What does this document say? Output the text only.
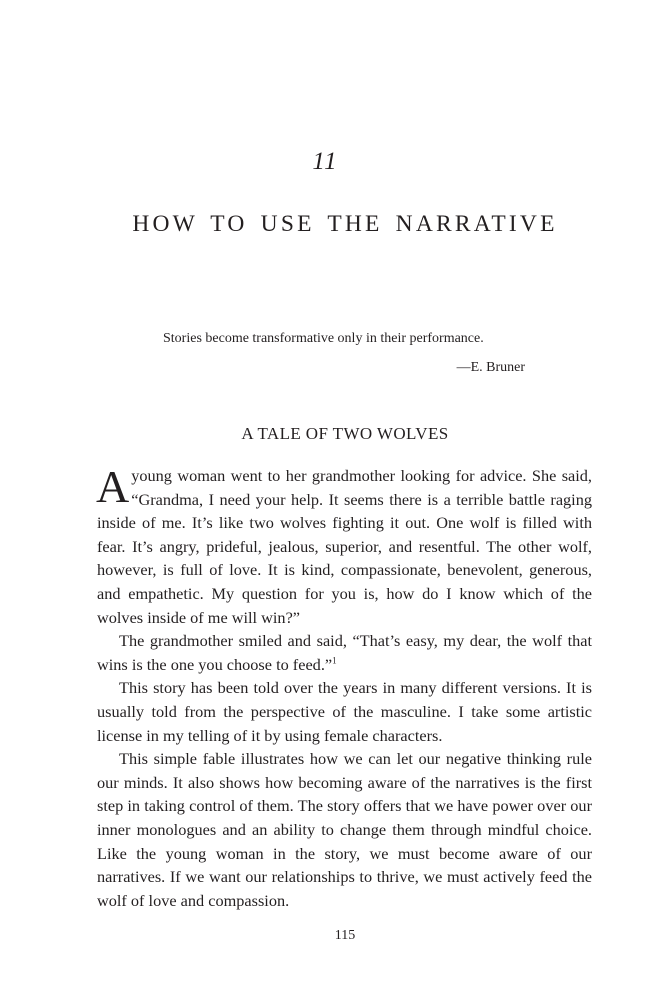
11
HOW TO USE THE NARRATIVE
Stories become transformative only in their performance.
—E. Bruner
A TALE OF TWO WOLVES

A young woman went to her grandmother looking for advice. She said, “Grandma, I need your help. It seems there is a terrible battle raging inside of me. It’s like two wolves fighting it out. One wolf is filled with fear. It’s angry, prideful, jealous, superior, and resentful. The other wolf, however, is full of love. It is kind, compassionate, benevolent, generous, and empathetic. My question for you is, how do I know which of the wolves inside of me will win?”

The grandmother smiled and said, “That’s easy, my dear, the wolf that wins is the one you choose to feed.”$^1$

This story has been told over the years in many different versions. It is usually told from the perspective of the masculine. I take some artistic license in my telling of it by using female characters.

This simple fable illustrates how we can let our negative thinking rule our minds. It also shows how becoming aware of the narratives is the first step in taking control of them. The story offers that we have power over our inner monologues and an ability to change them through mindful choice. Like the young woman in the story, we must become aware of our narratives. If we want our relationships to thrive, we must actively feed the wolf of love and compassion.

115
